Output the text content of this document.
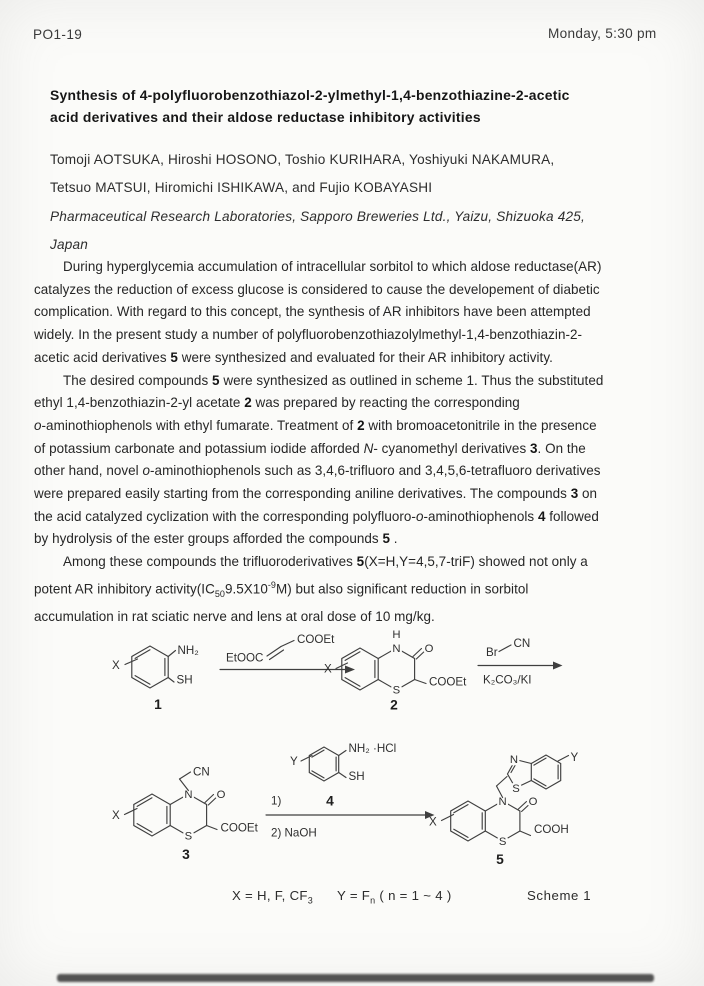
PO1-19	Monday, 5:30 pm
Synthesis of 4-polyfluorobenzothiazol-2-ylmethyl-1,4-benzothiazine-2-acetic
acid derivatives and their aldose reductase inhibitory activities
Tomoji AOTSUKA, Hiroshi HOSONO, Toshio KURIHARA, Yoshiyuki NAKAMURA,
Tetsuo MATSUI, Hiromichi ISHIKAWA, and Fujio KOBAYASHI
Pharmaceutical Research Laboratories, Sapporo Breweries Ltd., Yaizu, Shizuoka 425,
Japan
During hyperglycemia accumulation of intracellular sorbitol to which aldose reductase(AR)
catalyzes the reduction of excess glucose is considered to cause the developement of diabetic
complication. With regard to this concept, the synthesis of AR inhibitors have been attempted
widely. In the present study a number of polyfluorobenzothiazolylmethyl-1,4-benzothiazin-2-
acetic acid derivatives 5 were synthesized and evaluated for their AR inhibitory activity.
The desired compounds 5 were synthesized as outlined in scheme 1. Thus the substituted
ethyl 1,4-benzothiazin-2-yl acetate 2 was prepared by reacting the corresponding
o-aminothiophenols with ethyl fumarate. Treatment of 2 with bromoacetonitrile in the presence
of potassium carbonate and potassium iodide afforded N- cyanomethyl derivatives 3. On the
other hand, novel o-aminothiophenols such as 3,4,6-trifluoro and 3,4,5,6-tetrafluoro derivatives
were prepared easily starting from the corresponding aniline derivatives. The compounds 3 on
the acid catalyzed cyclization with the corresponding polyfluoro-o-aminothiophenols 4 followed
by hydrolysis of the ester groups afforded the compounds 5 .
Among these compounds the trifluoroderivatives 5(X=H,Y=4,5,7-triF) showed not only a
potent AR inhibitory $activity(IC_{50}9.5X10^{-9}M)$ but also significant reduction in sorbitol
accumulation in rat sciatic nerve and lens at oral dose of 10 mg/kg.
X
NH₂
SH
1
EtOOC
COOEt	H
N
S
O
COOEt
X
2
Br
CN
K₂CO₃/KI
N
S
CN
O
COOEt
X
3
Y
NH₂ ·HCl
SH
1)	4
2) NaOH
N
S
X
O
COOH
N
S
Y
5
X = H, F, $CF_3$ $Y = F_n$ ( n = 1 ~ 4 )	Scheme 1
